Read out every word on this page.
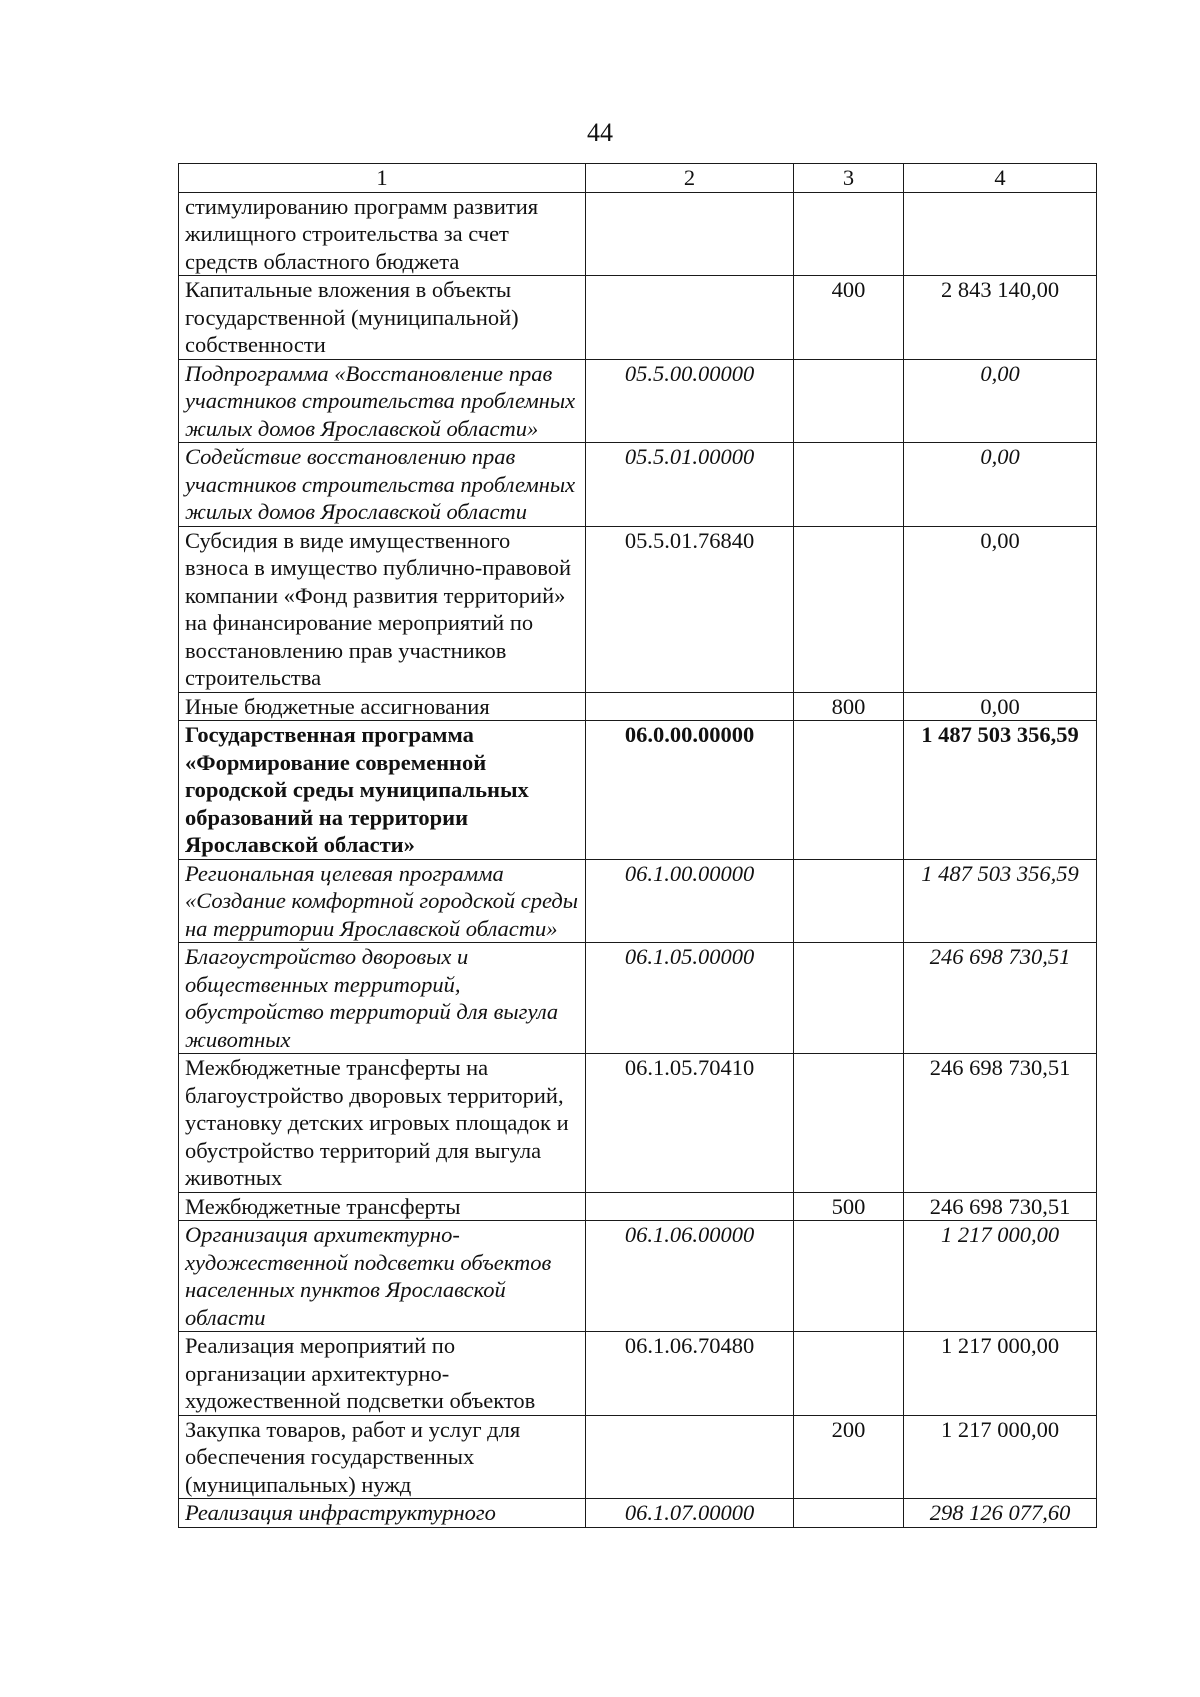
44
1	2	3	4
стимулированию программ развития жилищного строительства за счет средств областного бюджета			
Капитальные вложения в объекты государственной (муниципальной) собственности		400	2 843 140,00
Подпрограмма «Восстановление прав участников строительства проблемных жилых домов Ярославской области»	05.5.00.00000		0,00
Содействие восстановлению прав участников строительства проблемных жилых домов Ярославской области	05.5.01.00000		0,00
Субсидия в виде имущественного взноса в имущество публично-правовой компании «Фонд развития территорий» на финансирование мероприятий по восстановлению прав участников строительства	05.5.01.76840		0,00
Иные бюджетные ассигнования		800	0,00
Государственная программа «Формирование современной городской среды муниципальных образований на территории Ярославской области»	06.0.00.00000		1 487 503 356,59
Региональная целевая программа «Создание комфортной городской среды на территории Ярославской области»	06.1.00.00000		1 487 503 356,59
Благоустройство дворовых и общественных территорий, обустройство территорий для выгула животных	06.1.05.00000		246 698 730,51
Межбюджетные трансферты на благоустройство дворовых территорий, установку детских игровых площадок и обустройство территорий для выгула животных	06.1.05.70410		246 698 730,51
Межбюджетные трансферты		500	246 698 730,51
Организация архитектурно-художественной подсветки объектов населенных пунктов Ярославской области	06.1.06.00000		1 217 000,00
Реализация мероприятий по организации архитектурно-художественной подсветки объектов	06.1.06.70480		1 217 000,00
Закупка товаров, работ и услуг для обеспечения государственных (муниципальных) нужд		200	1 217 000,00
Реализация инфраструктурного	06.1.07.00000		298 126 077,60
